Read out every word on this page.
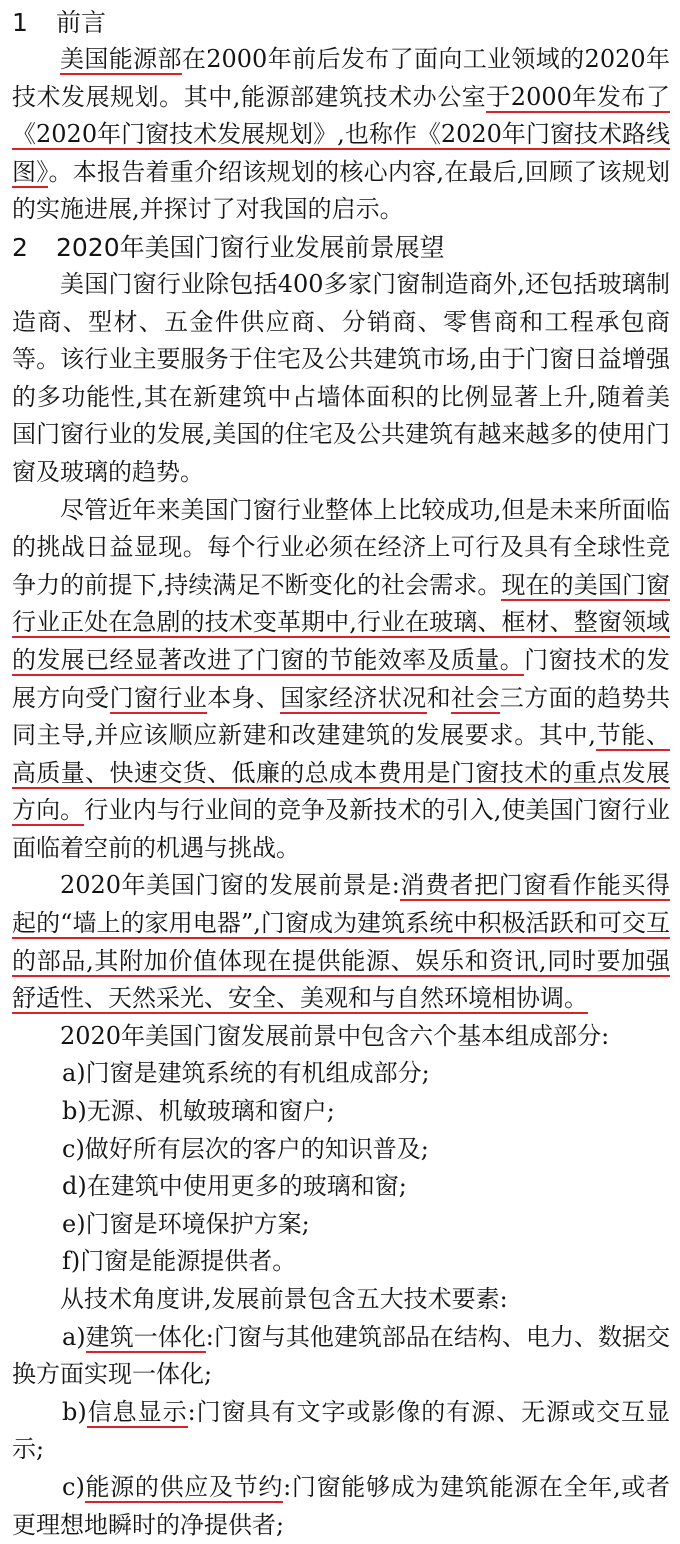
1 前言

美国能源部在2000年前后发布了面向工业领域的2020年技术发展规划。其中,能源部建筑技术办公室于2000年发布了《2020年门窗技术发展规划》,也称作《2020年门窗技术路线图》。本报告着重介绍该规划的核心内容,在最后,回顾了该规划的实施进展,并探讨了对我国的启示。

2 2020年美国门窗行业发展前景展望

美国门窗行业除包括400多家门窗制造商外,还包括玻璃制造商、型材、五金件供应商、分销商、零售商和工程承包商等。该行业主要服务于住宅及公共建筑市场,由于门窗日益增强的多功能性,其在新建筑中占墙体面积的比例显著上升,随着美国门窗行业的发展,美国的住宅及公共建筑有越来越多的使用门窗及玻璃的趋势。

尽管近年来美国门窗行业整体上比较成功,但是未来所面临的挑战日益显现。每个行业必须在经济上可行及具有全球性竞争力的前提下,持续满足不断变化的社会需求。现在的美国门窗行业正处在急剧的技术变革期中,行业在玻璃、框材、整窗领域的发展已经显著改进了门窗的节能效率及质量。门窗技术的发展方向受门窗行业本身、国家经济状况和社会三方面的趋势共同主导,并应该顺应新建和改建建筑的发展要求。其中,节能、高质量、快速交货、低廉的总成本费用是门窗技术的重点发展方向。行业内与行业间的竞争及新技术的引入,使美国门窗行业面临着空前的机遇与挑战。

2020年美国门窗的发展前景是:消费者把门窗看作能买得起的“墙上的家用电器”,门窗成为建筑系统中积极活跃和可交互的部品,其附加价值体现在提供能源、娱乐和资讯,同时要加强舒适性、天然采光、安全、美观和与自然环境相协调。

2020年美国门窗发展前景中包含六个基本组成部分:

a)门窗是建筑系统的有机组成部分;

b)无源、机敏玻璃和窗户;

c)做好所有层次的客户的知识普及;

d)在建筑中使用更多的玻璃和窗;

e)门窗是环境保护方案;

f)门窗是能源提供者。

从技术角度讲,发展前景包含五大技术要素:

a)建筑一体化:门窗与其他建筑部品在结构、电力、数据交换方面实现一体化;

b)信息显示:门窗具有文字或影像的有源、无源或交互显示;

c)能源的供应及节约:门窗能够成为建筑能源在全年,或者更理想地瞬时的净提供者;
